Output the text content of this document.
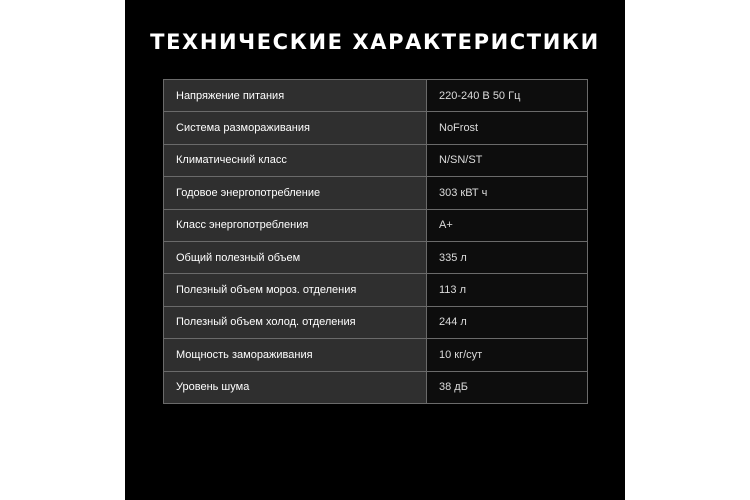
ТЕХНИЧЕСКИЕ ХАРАКТЕРИСТИКИ
Напряжение питания	220-240 В 50 Гц
Система размораживания	NoFrost
Климатичесний класс	N/SN/ST
Годовое энергопотребление	303 кВТ ч
Класс энергопотребления	A+
Общий полезный объем	335 л
Полезный объем мороз. отделения	113 л
Полезный объем холод. отделения	244 л
Мощность замораживания	10 кг/сут
Уровень шума	38 дБ
